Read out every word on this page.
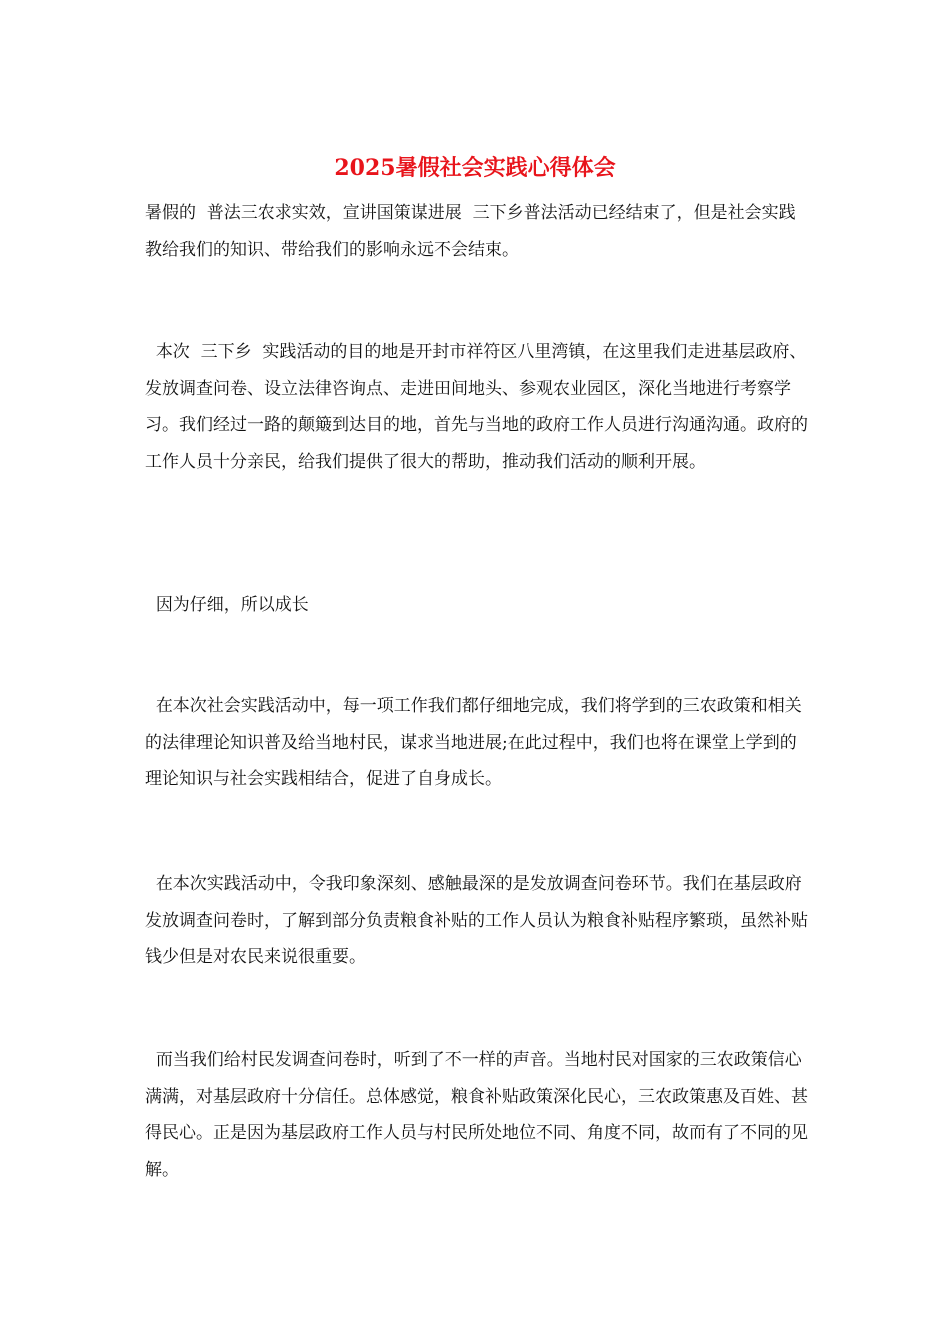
2025暑假社会实践心得体会

暑假的  普法三农求实效，宣讲国策谋进展  三下乡普法活动已经结束了，但是社会实践教给我们的知识、带给我们的影响永远不会结束。

本次  三下乡  实践活动的目的地是开封市祥符区八里湾镇，在这里我们走进基层政府、发放调查问卷、设立法律咨询点、走进田间地头、参观农业园区，深化当地进行考察学习。我们经过一路的颠簸到达目的地，首先与当地的政府工作人员进行沟通沟通。政府的工作人员十分亲民，给我们提供了很大的帮助，推动我们活动的顺利开展。

因为仔细，所以成长

在本次社会实践活动中，每一项工作我们都仔细地完成，我们将学到的三农政策和相关的法律理论知识普及给当地村民，谋求当地进展;在此过程中，我们也将在课堂上学到的理论知识与社会实践相结合，促进了自身成长。

在本次实践活动中，令我印象深刻、感触最深的是发放调查问卷环节。我们在基层政府发放调查问卷时，了解到部分负责粮食补贴的工作人员认为粮食补贴程序繁琐，虽然补贴钱少但是对农民来说很重要。

而当我们给村民发调查问卷时，听到了不一样的声音。当地村民对国家的三农政策信心满满，对基层政府十分信任。总体感觉，粮食补贴政策深化民心，三农政策惠及百姓、甚得民心。正是因为基层政府工作人员与村民所处地位不同、角度不同，故而有了不同的见解。
